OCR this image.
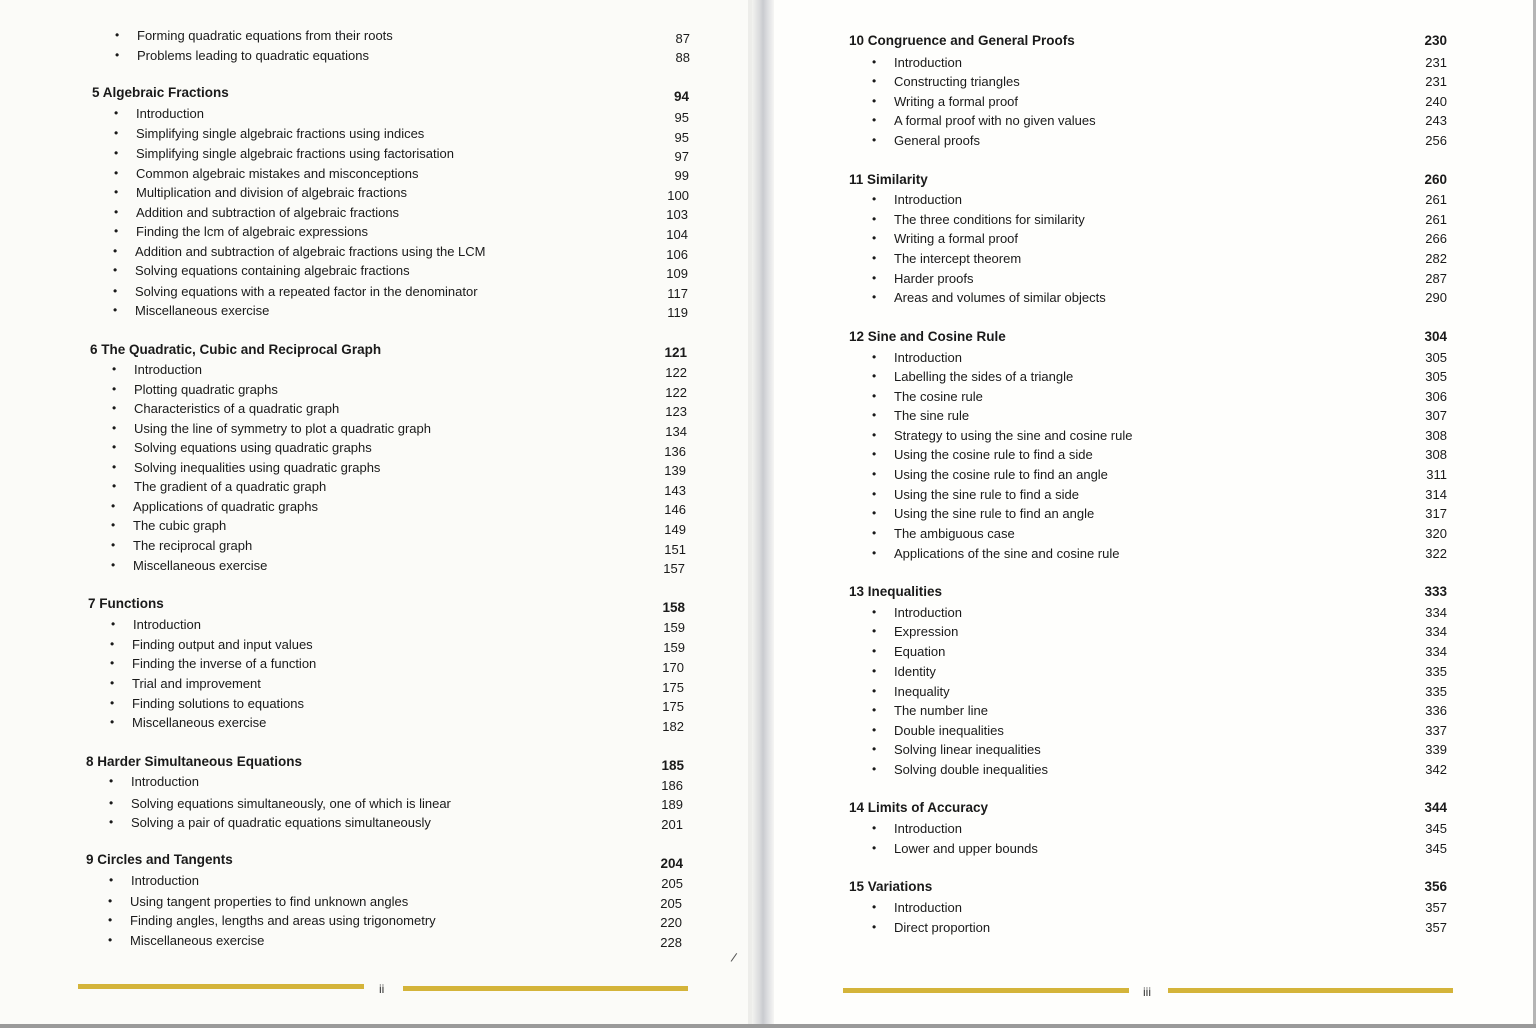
• Forming quadratic equations from their roots	87
• Problems leading to quadratic equations	88
5 Algebraic Fractions	94
• Introduction	95
• Simplifying single algebraic fractions using indices	95
• Simplifying single algebraic fractions using factorisation	97
• Common algebraic mistakes and misconceptions	99
• Multiplication and division of algebraic fractions	100
• Addition and subtraction of algebraic fractions	103
• Finding the lcm of algebraic expressions	104
• Addition and subtraction of algebraic fractions using the LCM	106
• Solving equations containing algebraic fractions	109
• Solving equations with a repeated factor in the denominator	117
• Miscellaneous exercise	119
6 The Quadratic, Cubic and Reciprocal Graph	121
• Introduction	122
• Plotting quadratic graphs	122
• Characteristics of a quadratic graph	123
• Using the line of symmetry to plot a quadratic graph	134
• Solving equations using quadratic graphs	136
• Solving inequalities using quadratic graphs	139
• The gradient of a quadratic graph	143
• Applications of quadratic graphs	146
• The cubic graph	149
• The reciprocal graph	151
• Miscellaneous exercise	157
7 Functions	158
• Introduction	159
• Finding output and input values	159
• Finding the inverse of a function	170
• Trial and improvement	175
• Finding solutions to equations	175
• Miscellaneous exercise	182
8 Harder Simultaneous Equations	185
• Introduction	186
• Solving equations simultaneously, one of which is linear	189
• Solving a pair of quadratic equations simultaneously	201
9 Circles and Tangents	204
• Introduction	205
• Using tangent properties to find unknown angles	205
• Finding angles, lengths and areas using trigonometry	220
• Miscellaneous exercise	228
10 Congruence and General Proofs	230
• Introduction	231
• Constructing triangles	231
• Writing a formal proof	240
• A formal proof with no given values	243
• General proofs	256
11 Similarity	260
• Introduction	261
• The three conditions for similarity	261
• Writing a formal proof	266
• The intercept theorem	282
• Harder proofs	287
• Areas and volumes of similar objects	290
12 Sine and Cosine Rule	304
• Introduction	305
• Labelling the sides of a triangle	305
• The cosine rule	306
• The sine rule	307
• Strategy to using the sine and cosine rule	308
• Using the cosine rule to find a side	308
• Using the cosine rule to find an angle	311
• Using the sine rule to find a side	314
• Using the sine rule to find an angle	317
• The ambiguous case	320
• Applications of the sine and cosine rule	322
13 Inequalities	333
• Introduction	334
• Expression	334
• Equation	334
• Identity	335
• Inequality	335
• The number line	336
• Double inequalities	337
• Solving linear inequalities	339
• Solving double inequalities	342
14 Limits of Accuracy	344
• Introduction	345
• Lower and upper bounds	345
15 Variations	356
• Introduction	357
• Direct proportion	357
ii	iii
/
